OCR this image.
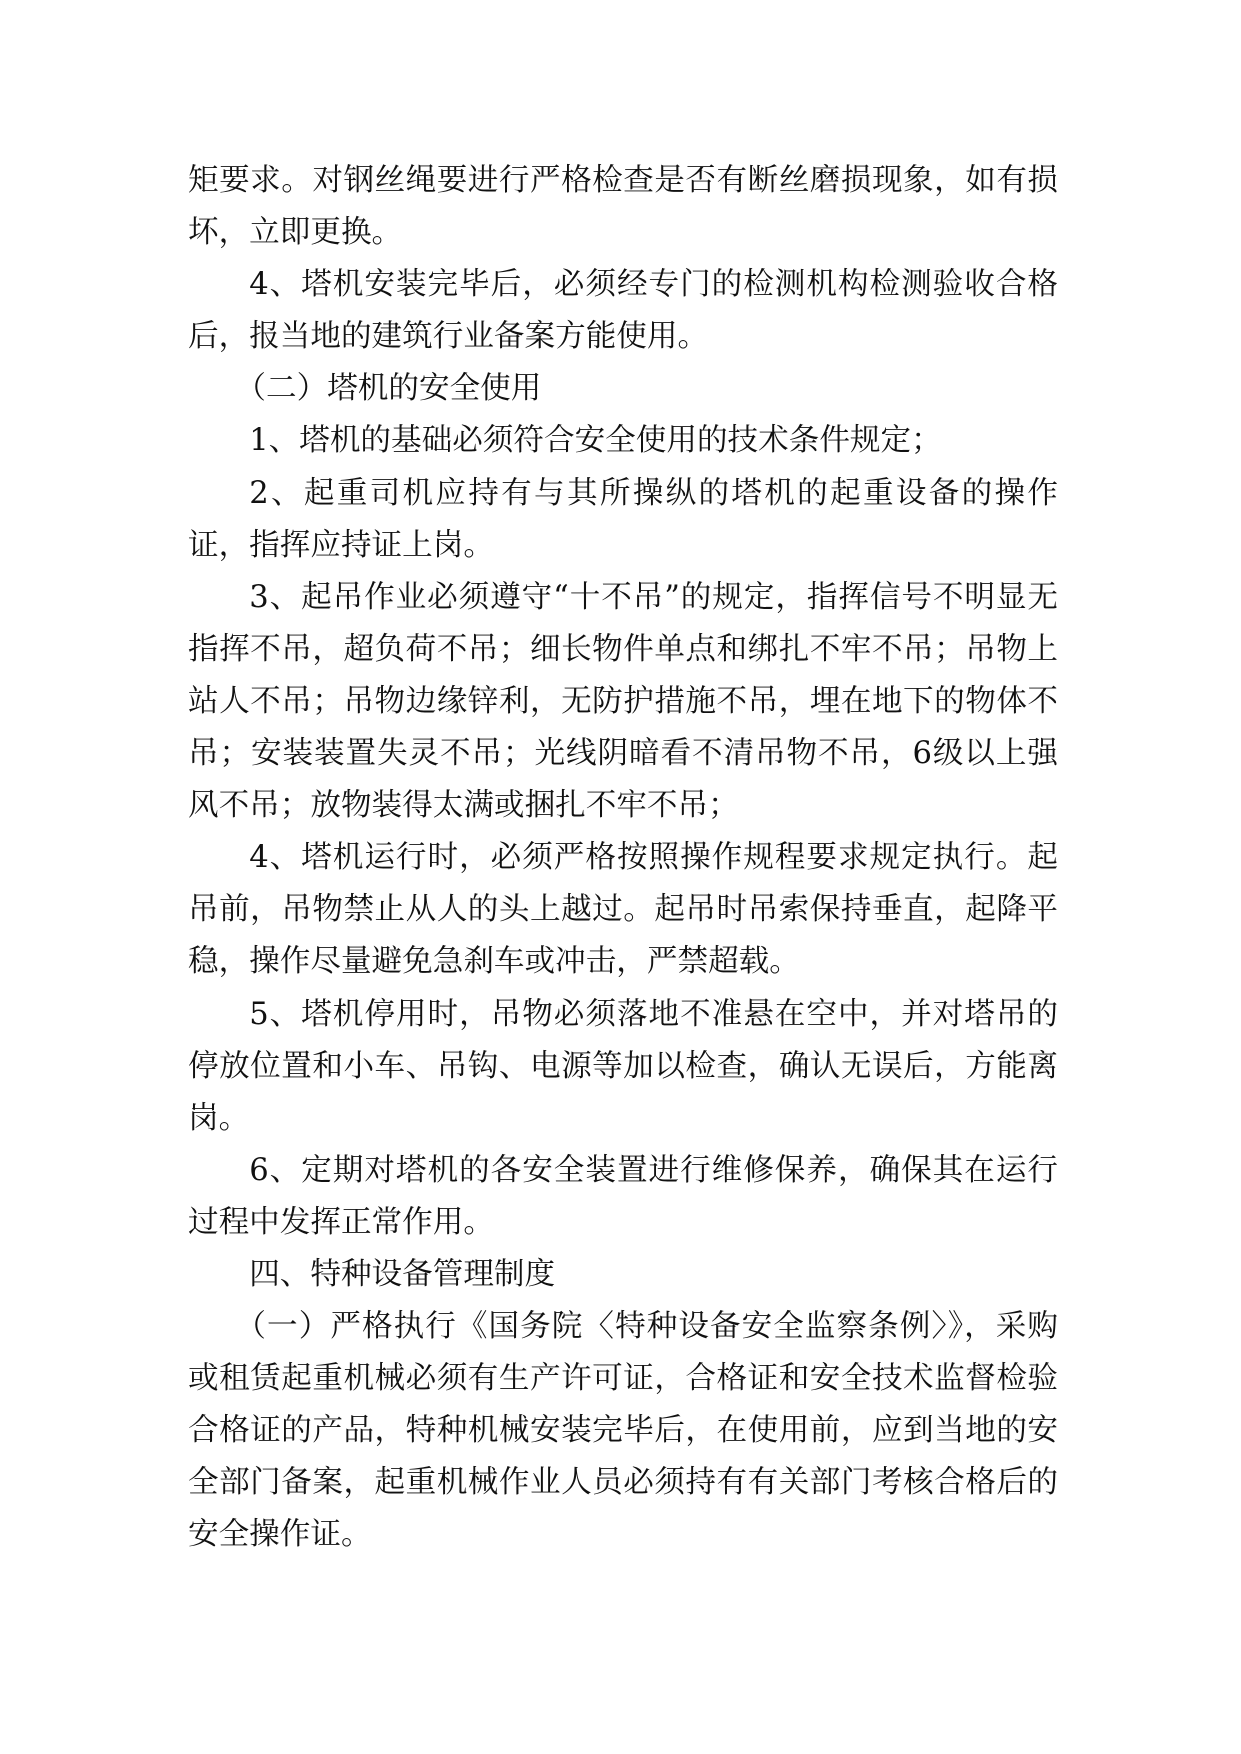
矩要求。对钢丝绳要进行严格检查是否有断丝磨损现象，如有损坏，立即更换。

4、塔机安装完毕后，必须经专门的检测机构检测验收合格后，报当地的建筑行业备案方能使用。

（二）塔机的安全使用

1、塔机的基础必须符合安全使用的技术条件规定；

2、起重司机应持有与其所操纵的塔机的起重设备的操作证，指挥应持证上岗。

3、起吊作业必须遵守“十不吊”的规定，指挥信号不明显无指挥不吊，超负荷不吊；细长物件单点和绑扎不牢不吊；吊物上站人不吊；吊物边缘锌利，无防护措施不吊，埋在地下的物体不吊；安装装置失灵不吊；光线阴暗看不清吊物不吊，6级以上强风不吊；放物装得太满或捆扎不牢不吊；

4、塔机运行时，必须严格按照操作规程要求规定执行。起吊前，吊物禁止从人的头上越过。起吊时吊索保持垂直，起降平稳，操作尽量避免急刹车或冲击，严禁超载。

5、塔机停用时，吊物必须落地不准悬在空中，并对塔吊的停放位置和小车、吊钩、电源等加以检查，确认无误后，方能离岗。

6、定期对塔机的各安全装置进行维修保养，确保其在运行过程中发挥正常作用。

四、特种设备管理制度

（一）严格执行《国务院〈特种设备安全监察条例〉》，采购或租赁起重机械必须有生产许可证，合格证和安全技术监督检验合格证的产品，特种机械安装完毕后，在使用前，应到当地的安全部门备案，起重机械作业人员必须持有有关部门考核合格后的安全操作证。
